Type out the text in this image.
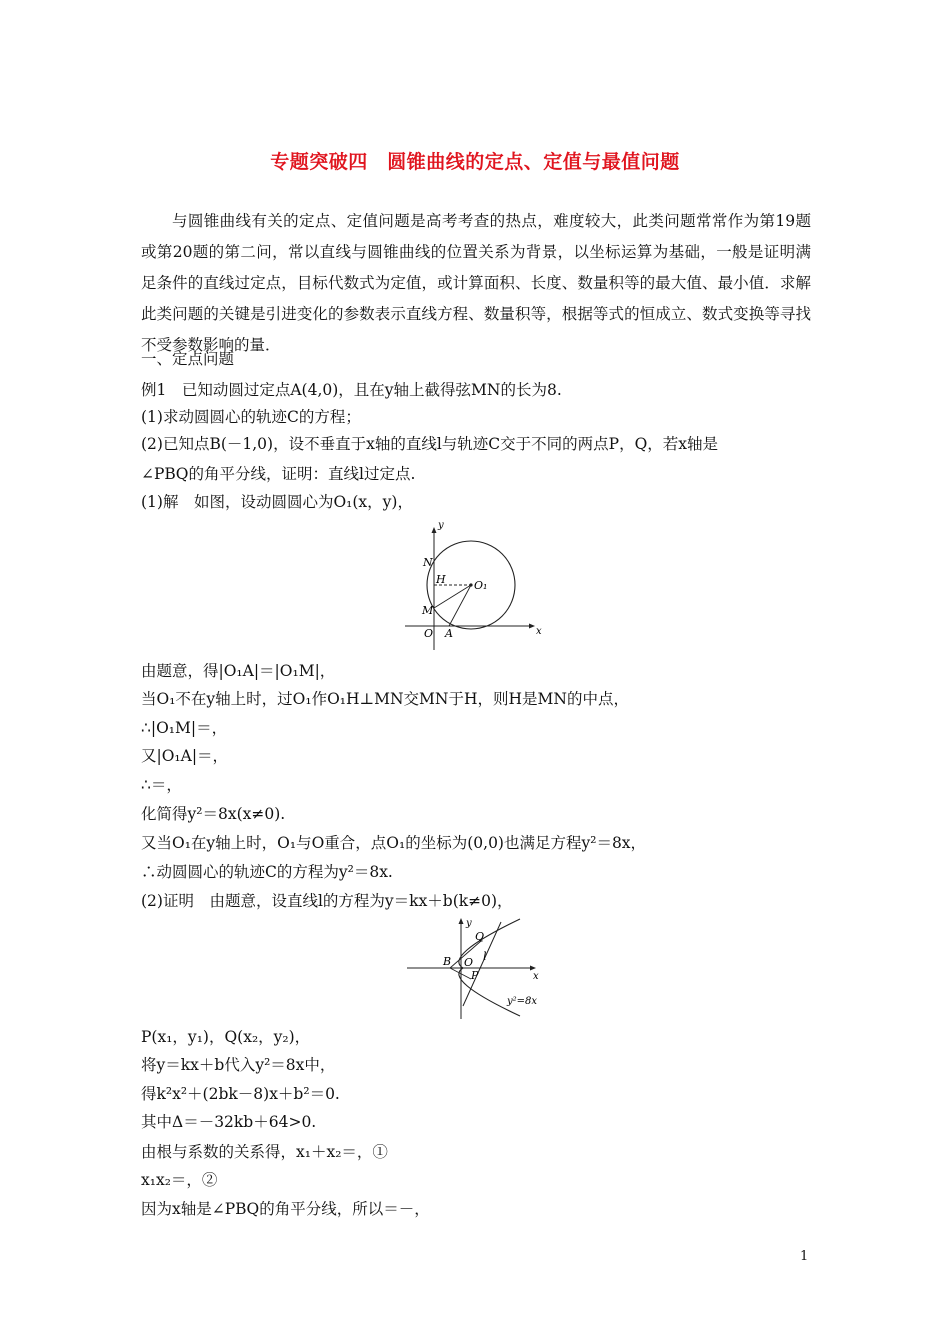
专题突破四　圆锥曲线的定点、定值与最值问题

与圆锥曲线有关的定点、定值问题是高考考查的热点，难度较大，此类问题常常作为第19题或第20题的第二问，常以直线与圆锥曲线的位置关系为背景，以坐标运算为基础，一般是证明满足条件的直线过定点，目标代数式为定值，或计算面积、长度、数量积等的最大值、最小值．求解此类问题的关键是引进变化的参数表示直线方程、数量积等，根据等式的恒成立、数式变换等寻找不受参数影响的量．

一、定点问题

例1　已知动圆过定点A(4,0)，且在y轴上截得弦MN的长为8.

(1)求动圆圆心的轨迹C的方程；

(2)已知点B(－1,0)，设不垂直于x轴的直线l与轨迹C交于不同的两点P，Q，若x轴是

∠PBQ的角平分线，证明：直线l过定点.

(1)解　如图，设动圆圆心为O₁(x，y)，

y
N
H	O₁
M
O A	x

由题意，得|O₁A|＝|O₁M|，

当O₁不在y轴上时，过O₁作O₁H⊥MN交MN于H，则H是MN的中点，

∴|O₁M|＝，

又|O₁A|＝，

∴＝，

化简得y²＝8x(x≠0).

又当O₁在y轴上时，O₁与O重合，点O₁的坐标为(0,0)也满足方程y²＝8x，

∴动圆圆心的轨迹C的方程为y²＝8x.

(2)证明　由题意，设直线l的方程为y＝kx＋b(k≠0)，

y
Q
l
B O
P	x
y²=8x

P(x₁，y₁)，Q(x₂，y₂)，

将y＝kx＋b代入y²＝8x中，

得k²x²＋(2bk－8)x＋b²＝0.

其中Δ＝－32kb＋64>0.

由根与系数的关系得，x₁＋x₂＝，①

x₁x₂＝，②

因为x轴是∠PBQ的角平分线，所以＝－，

1
